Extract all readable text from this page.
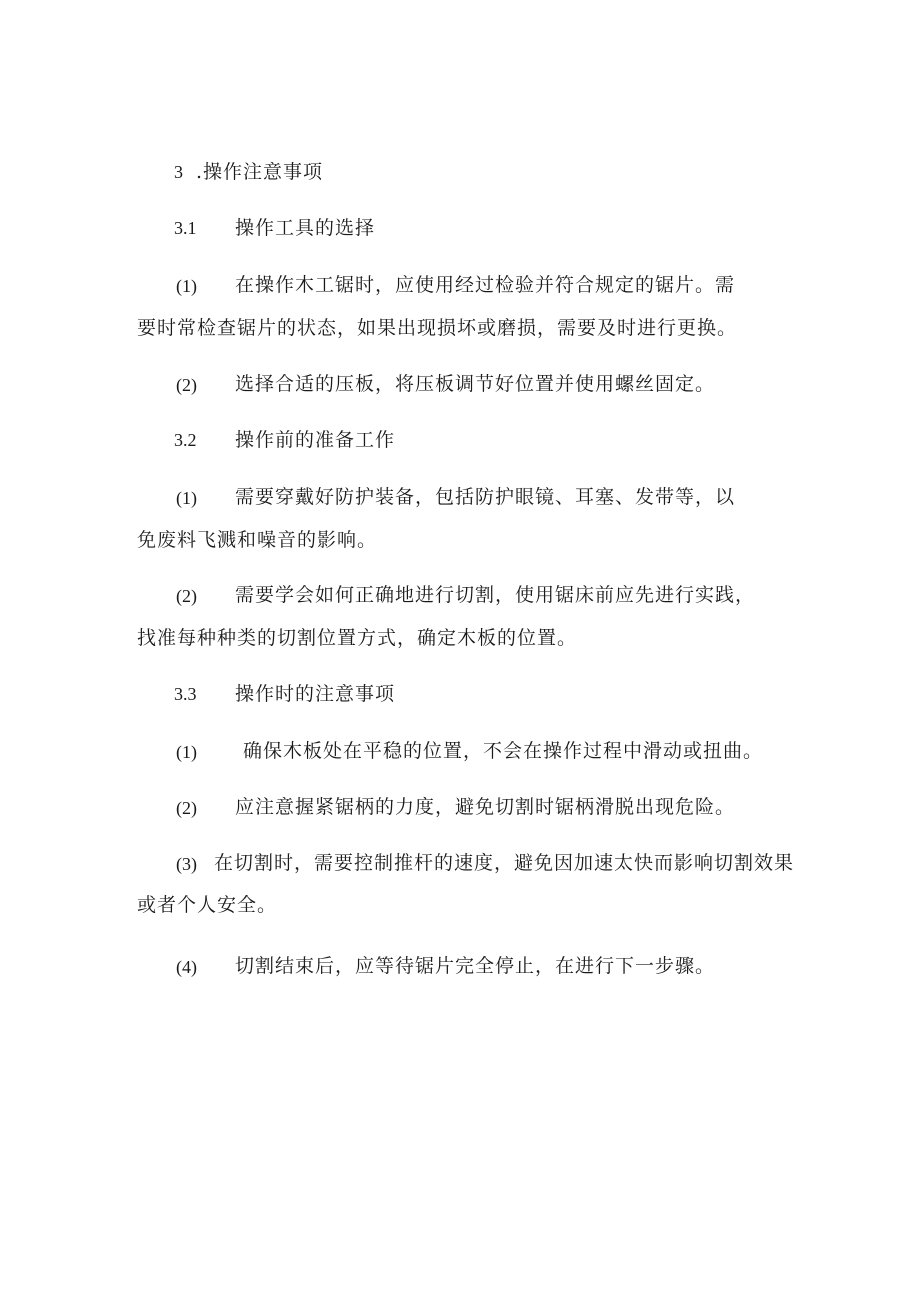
3 .操作注意事项
3.1 操作工具的选择
(1) 在操作木工锯时，应使用经过检验并符合规定的锯片。需
要时常检查锯片的状态，如果出现损坏或磨损，需要及时进行更换。
(2) 选择合适的压板，将压板调节好位置并使用螺丝固定。
3.2 操作前的准备工作
(1) 需要穿戴好防护装备，包括防护眼镜、耳塞、发带等，以
免废料飞溅和噪音的影响。
(2) 需要学会如何正确地进行切割，使用锯床前应先进行实践，
找准每种种类的切割位置方式，确定木板的位置。
3.3 操作时的注意事项
(1) 确保木板处在平稳的位置，不会在操作过程中滑动或扭曲。
(2) 应注意握紧锯柄的力度，避免切割时锯柄滑脱出现危险。
(3) 在切割时，需要控制推杆的速度，避免因加速太快而影响切割效果
或者个人安全。
(4) 切割结束后，应等待锯片完全停止，在进行下一步骤。
